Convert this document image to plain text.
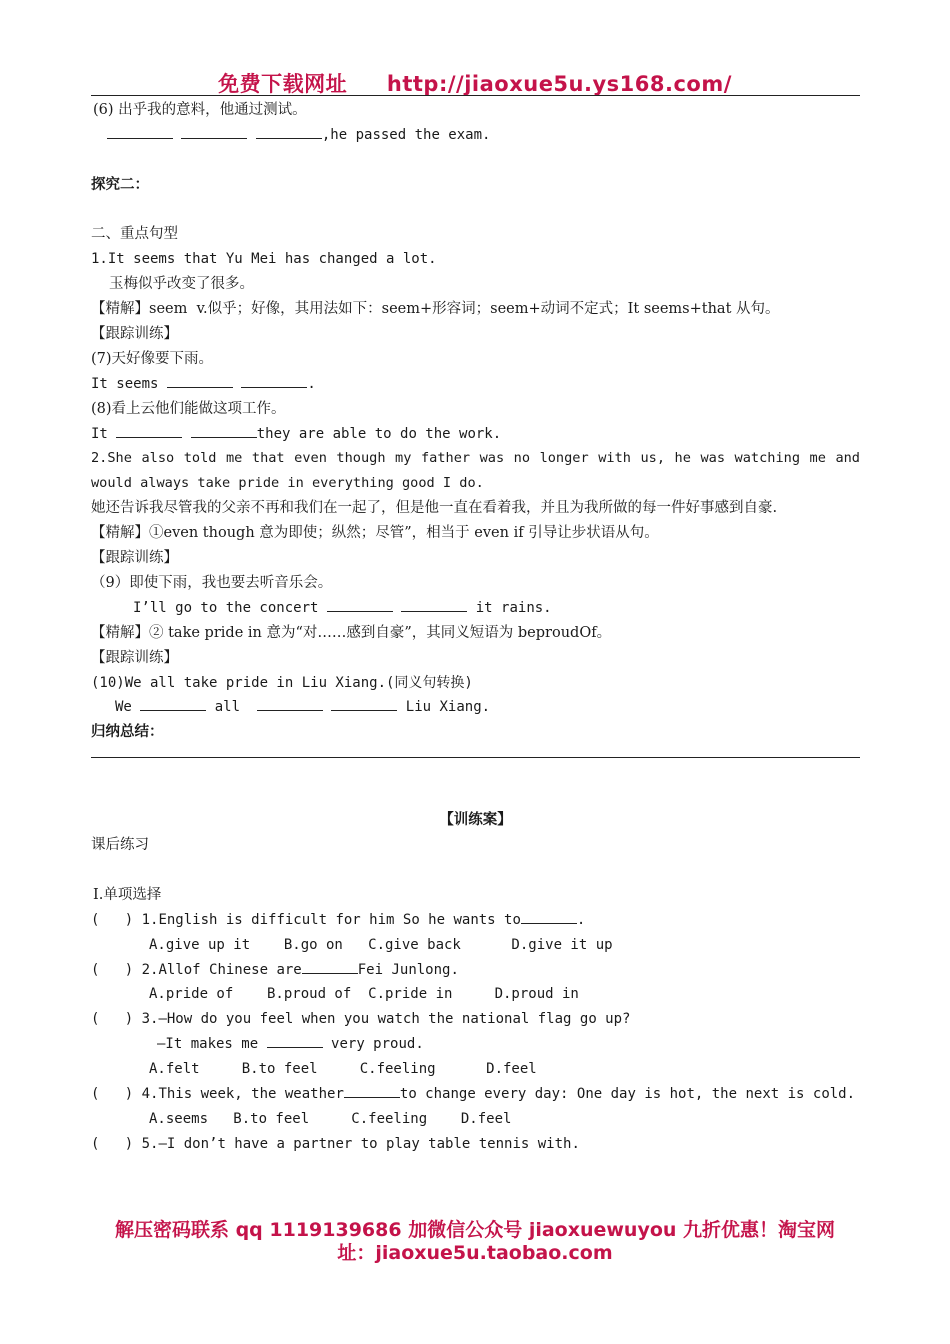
免费下载网址 http://jiaoxue5u.ys168.com/
(6) 出乎我的意料，他通过测试。
,he passed the exam.
探究二：
二、重点句型
1.It seems that Yu Mei has changed a lot.
玉梅似乎改变了很多。
【精解】seem  v.似乎；好像，其用法如下：seem+形容词；seem+动词不定式；It seems+that 从句。
【跟踪训练】
(7)天好像要下雨。
It seems	.
(8)看上云他们能做这项工作。
It	they are able to do the work.
2.She also told me that even though my father was no longer with us, he was watching me and would always take pride in everything good I do.
她还告诉我尽管我的父亲不再和我们在一起了，但是他一直在看着我，并且为我所做的每一件好事感到自豪.
【精解】①even though 意为即使；纵然；尽管”，相当于 even if 引导让步状语从句。
【跟踪训练】
（9）即使下雨，我也要去听音乐会。
I’ll go to the concert	it rains.
【精解】② take pride in 意为“对……感到自豪”，其同义短语为 beproudOf。
【跟踪训练】
(10)We all take pride in Liu Xiang.(同义句转换)
We	all	Liu Xiang.
归纳总结：
【训练案】
课后练习
Ⅰ.单项选择
(   ) 1.English is difficult for him So he wants to	.
A.give up it    B.go on   C.give back      D.give it up
(   ) 2.Allof Chinese are	Fei Junlong.
A.pride of    B.proud of  C.pride in     D.proud in
(   ) 3.—How do you feel when you watch the national flag go up?
—It makes me	very proud.
A.felt     B.to feel     C.feeling      D.feel
(   ) 4.This week, the weather	to change every day: One day is hot, the next is cold.
A.seems   B.to feel     C.feeling    D.feel
(   ) 5.—I don’t have a partner to play table tennis with.
解压密码联系 qq 1119139686 加微信公众号 jiaoxuewuyou 九折优惠！淘宝网
址：jiaoxue5u.taobao.com
